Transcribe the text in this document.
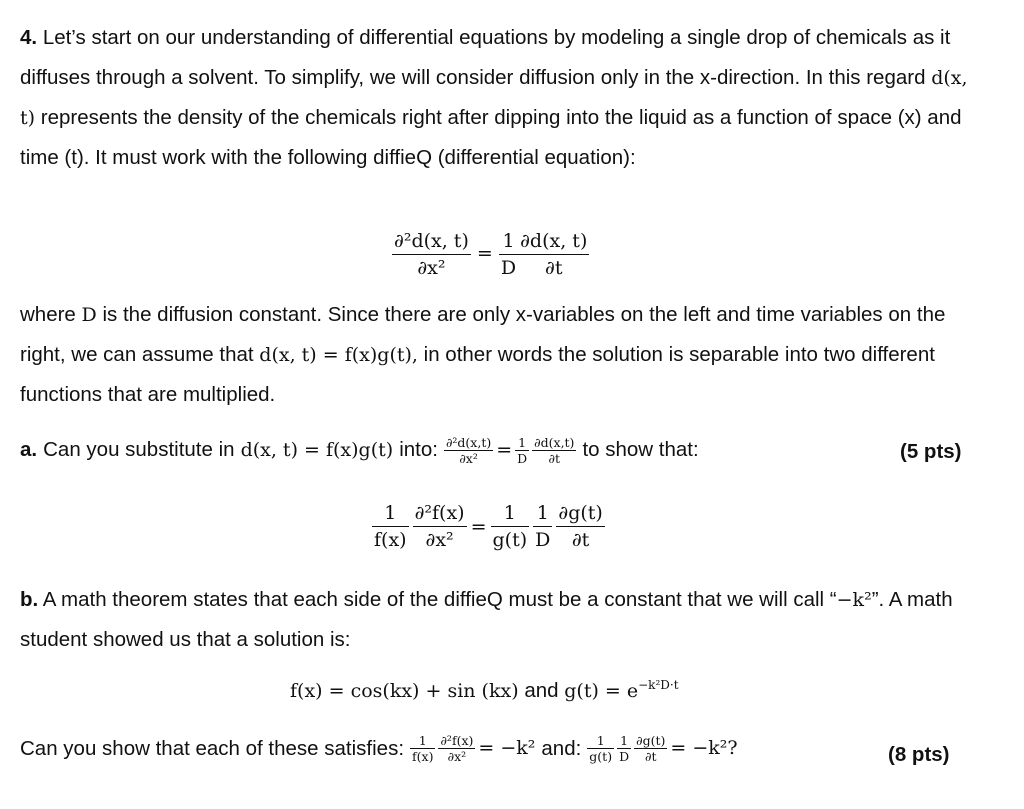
4. Let’s start on our understanding of differential equations by modeling a single drop of chemicals as it diffuses through a solvent. To simplify, we will consider diffusion only in the x-direction. In this regard d(x, t) represents the density of the chemicals right after dipping into the liquid as a function of space (x) and time (t). It must work with the following diffieQ (differential equation):

$\frac{\text{∂²d(x, t)}}{\text{∂x²}} = \frac{1}{D} \frac{\partial d(x, t)}{\partial t}$

where D is the diffusion constant. Since there are only x-variables on the left and time variables on the right, we can assume that d(x, t) = f(x)g(t), in other words the solution is separable into two different functions that are multiplied.

a. Can you substitute in d(x, t) = f(x)g(t) into: $\frac{\text{∂²d(x,t)}}{\text{∂x²}} = \frac{1}{D} \frac{\partial d(x,t)}{\partial t}$ to show that:	(5 pts)
$\frac{1}{f(x)} \frac{\text{∂²f(x)}}{\text{∂x²}} = \frac{1}{g(t)} \frac{1}{D} \frac{\partial g(t)}{\partial t}$

b. A math theorem states that each side of the diffieQ must be a constant that we will call “−k²”. A math student showed us that a solution is:

f(x) = cos(kx) + sin (kx) and $g(t) = e^{-k^2D\cdot t}$
Can you show that each of these satisfies: $\frac{1}{f(x)} \frac{\text{∂²f(x)}}{\text{∂x²}} = -k^2$ and: $\frac{1}{g(t)} \frac{1}{D} \frac{\partial g(t)}{\partial t} = -k^2$?	(8 pts)
